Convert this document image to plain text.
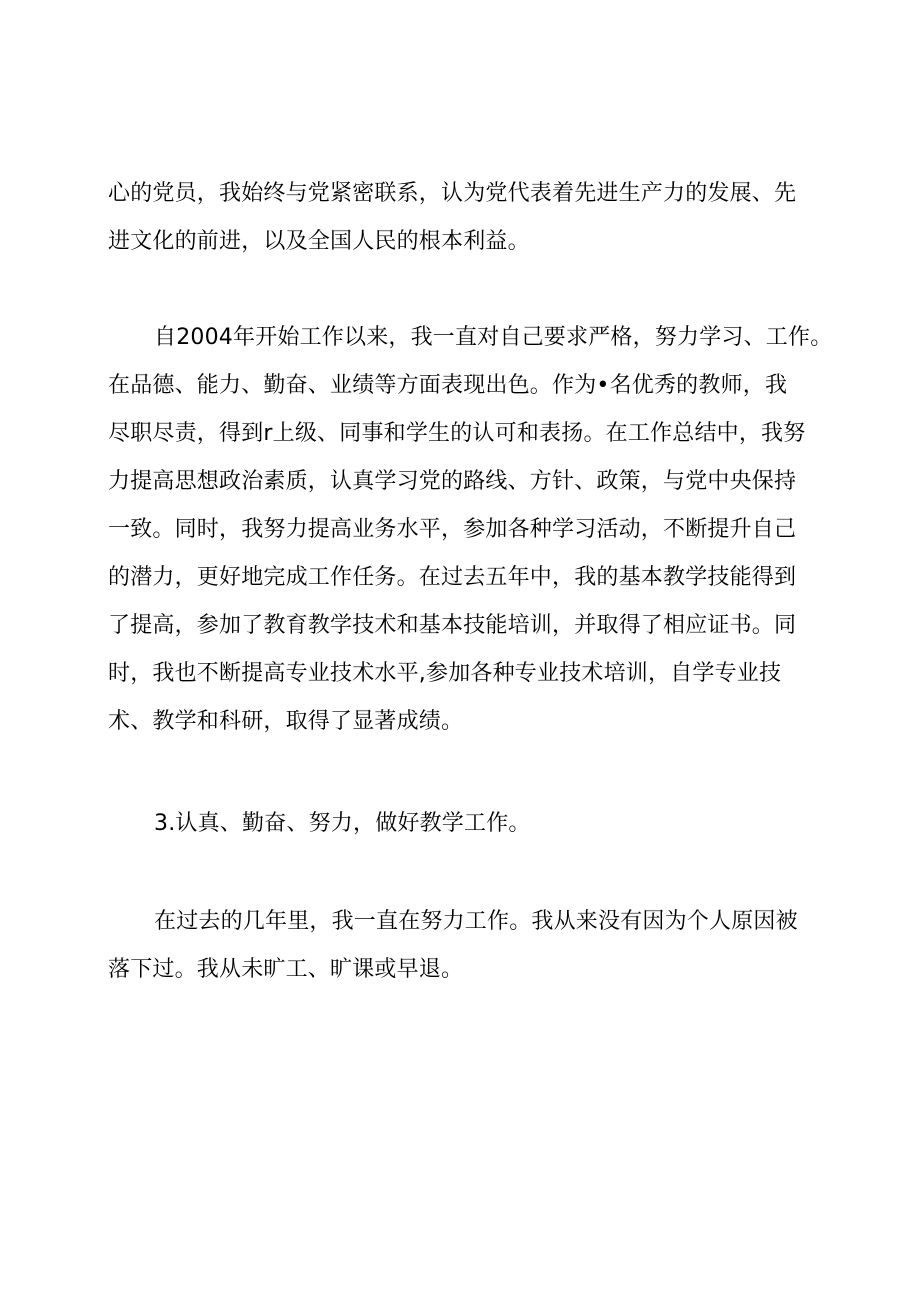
心的党员，我始终与党紧密联系，认为党代表着先进生产力的发展、先
进文化的前进，以及全国人民的根本利益。
自2004年开始工作以来，我一直对自己要求严格，努力学习、工作。
在品德、能力、勤奋、业绩等方面表现出色。作为•名优秀的教师，我
尽职尽责，得到r上级、同事和学生的认可和表扬。在工作总结中，我努
力提高思想政治素质，认真学习党的路线、方针、政策，与党中央保持
一致。同时，我努力提高业务水平，参加各种学习活动，不断提升自己
的潜力，更好地完成工作任务。在过去五年中，我的基本教学技能得到
了提高，参加了教育教学技术和基本技能培训，并取得了相应证书。同
时，我也不断提高专业技术水平,参加各种专业技术培训，自学专业技
术、教学和科研，取得了显著成绩。
3.认真、勤奋、努力，做好教学工作。
在过去的几年里，我一直在努力工作。我从来没有因为个人原因被
落下过。我从未旷工、旷课或早退。
